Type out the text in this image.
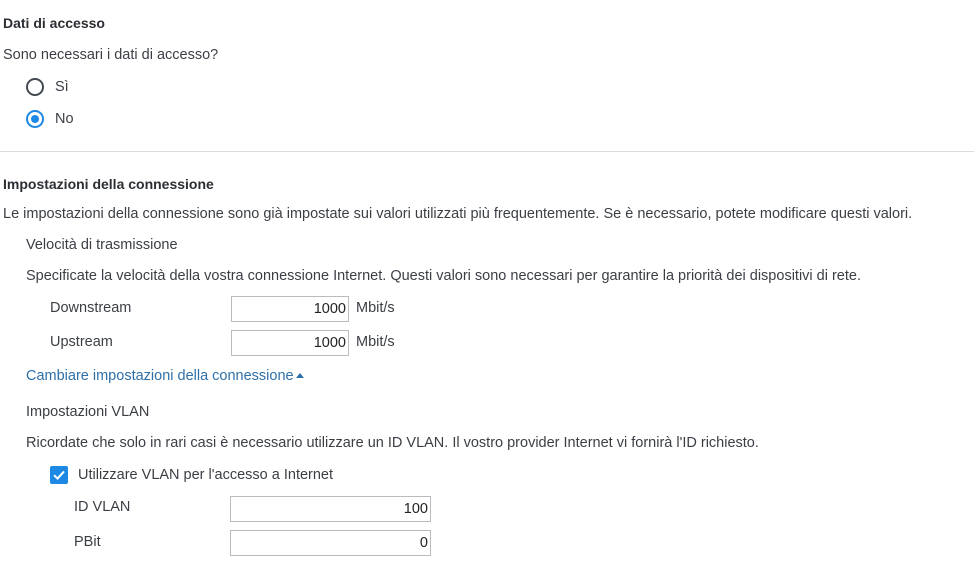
Dati di accesso
Sono necessari i dati di accesso?
Sì
No
Impostazioni della connessione
Le impostazioni della connessione sono già impostate sui valori utilizzati più frequentemente. Se è necessario, potete modificare questi valori.
Velocità di trasmissione
Specificate la velocità della vostra connessione Internet. Questi valori sono necessari per garantire la priorità dei dispositivi di rete.
Downstream
1000	Mbit/s
Upstream
1000	Mbit/s
Cambiare impostazioni della connessione
Impostazioni VLAN
Ricordate che solo in rari casi è necessario utilizzare un ID VLAN. Il vostro provider Internet vi fornirà l'ID richiesto.
Utilizzare VLAN per l'accesso a Internet
ID VLAN
100
PBit
0
